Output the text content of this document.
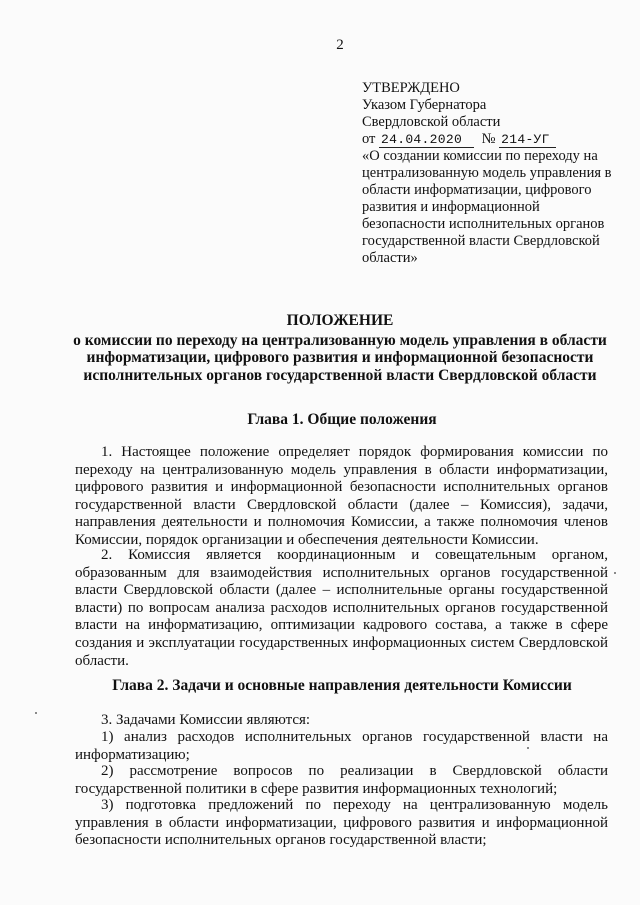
2
УТВЕРЖДЕНО
Указом Губернатора
Свердловской области
от 24.04.2020 № 214-УГ
«О создании комиссии по переходу на централизованную модель управления в области информатизации, цифрового развития и информационной безопасности исполнительных органов государственной власти Свердловской области»
ПОЛОЖЕНИЕ
о комиссии по переходу на централизованную модель управления в области
информатизации, цифрового развития и информационной безопасности
исполнительных органов государственной власти Свердловской области
Глава 1. Общие положения
1. Настоящее положение определяет порядок формирования комиссии по переходу на централизованную модель управления в области информатизации, цифрового развития и информационной безопасности исполнительных органов государственной власти Свердловской области (далее – Комиссия), задачи, направления деятельности и полномочия Комиссии, а также полномочия членов Комиссии, порядок организации и обеспечения деятельности Комиссии.
2. Комиссия является координационным и совещательным органом, образованным для взаимодействия исполнительных органов государственной власти Свердловской области (далее – исполнительные органы государственной власти) по вопросам анализа расходов исполнительных органов государственной власти на информатизацию, оптимизации кадрового состава, а также в сфере создания и эксплуатации государственных информационных систем Свердловской области.
Глава 2. Задачи и основные направления деятельности Комиссии
3. Задачами Комиссии являются:
1) анализ расходов исполнительных органов государственной власти на информатизацию;
2) рассмотрение вопросов по реализации в Свердловской области государственной политики в сфере развития информационных технологий;
3) подготовка предложений по переходу на централизованную модель управления в области информатизации, цифрового развития и информационной безопасности исполнительных органов государственной власти;
